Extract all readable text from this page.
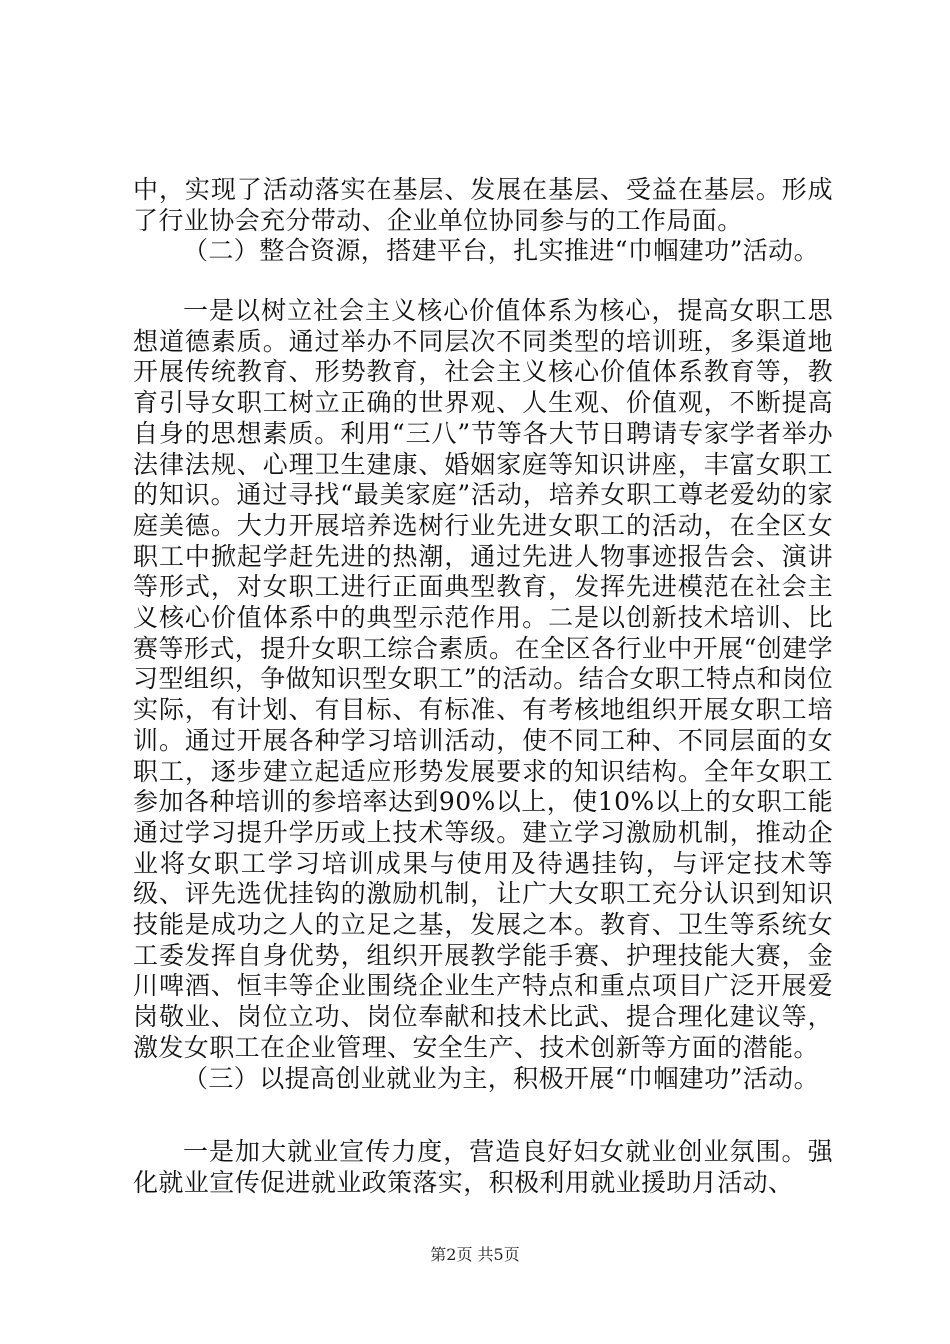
中，实现了活动落实在基层、发展在基层、受益在基层。形成了行业协会充分带动、企业单位协同参与的工作局面。
（二）整合资源，搭建平台，扎实推进“巾帼建功”活动。
一是以树立社会主义核心价值体系为核心，提高女职工思想道德素质。通过举办不同层次不同类型的培训班，多渠道地开展传统教育、形势教育，社会主义核心价值体系教育等，教育引导女职工树立正确的世界观、人生观、价值观，不断提高自身的思想素质。利用“三八”节等各大节日聘请专家学者举办法律法规、心理卫生建康、婚姻家庭等知识讲座，丰富女职工的知识。通过寻找“最美家庭”活动，培养女职工尊老爱幼的家庭美德。大力开展培养选树行业先进女职工的活动，在全区女职工中掀起学赶先进的热潮，通过先进人物事迹报告会、演讲等形式，对女职工进行正面典型教育，发挥先进模范在社会主义核心价值体系中的典型示范作用。二是以创新技术培训、比赛等形式，提升女职工综合素质。在全区各行业中开展“创建学习型组织，争做知识型女职工”的活动。结合女职工特点和岗位实际，有计划、有目标、有标准、有考核地组织开展女职工培训。通过开展各种学习培训活动，使不同工种、不同层面的女职工，逐步建立起适应形势发展要求的知识结构。全年女职工参加各种培训的参培率达到90%以上，使10%以上的女职工能通过学习提升学历或上技术等级。建立学习激励机制，推动企业将女职工学习培训成果与使用及待遇挂钩，与评定技术等级、评先选优挂钩的激励机制，让广大女职工充分认识到知识技能是成功之人的立足之基，发展之本。教育、卫生等系统女工委发挥自身优势，组织开展教学能手赛、护理技能大赛，金川啤酒、恒丰等企业围绕企业生产特点和重点项目广泛开展爱岗敬业、岗位立功、岗位奉献和技术比武、提合理化建议等，激发女职工在企业管理、安全生产、技术创新等方面的潜能。
（三）以提高创业就业为主，积极开展“巾帼建功”活动。
一是加大就业宣传力度，营造良好妇女就业创业氛围。强化就业宣传促进就业政策落实，积极利用就业援助月活动、
第2页 共5页
